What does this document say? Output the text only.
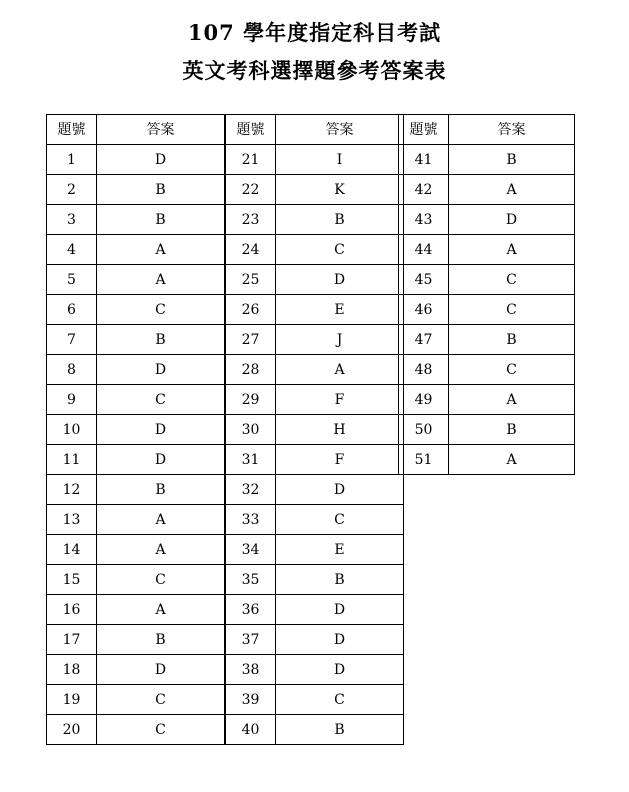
107 學年度指定科目考試
英文考科選擇題參考答案表
題號	答案
1	D
2	B
3	B
4	A
5	A
6	C
7	B
8	D
9	C
10	D
11	D
12	B
13	A
14	A
15	C
16	A
17	B
18	D
19	C
20	C
題號	答案
21	I
22	K
23	B
24	C
25	D
26	E
27	J
28	A
29	F
30	H
31	F
32	D
33	C
34	E
35	B
36	D
37	D
38	D
39	C
40	B
題號	答案
41	B
42	A
43	D
44	A
45	C
46	C
47	B
48	C
49	A
50	B
51	A
